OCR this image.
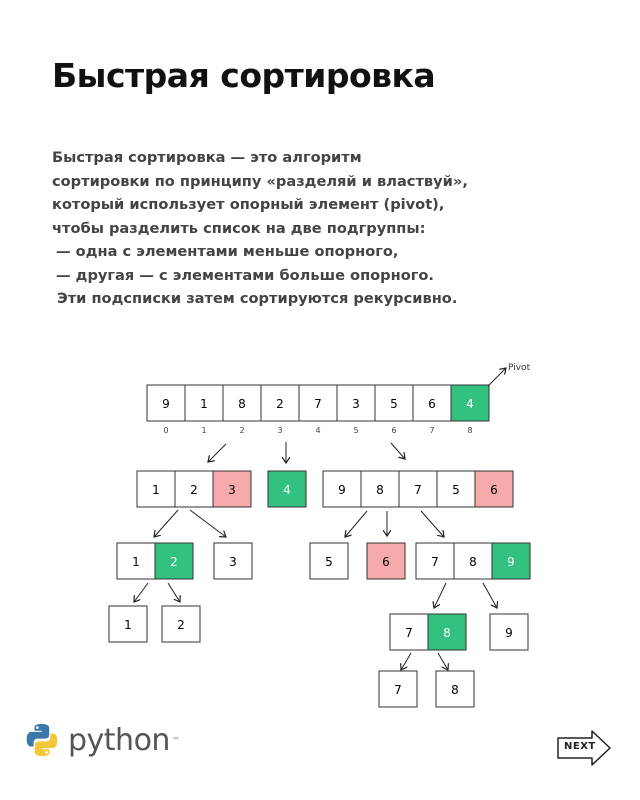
Быстрая сортировка
Быстрая сортировка — это алгоритм
сортировки по принципу «разделяй и властвуй»,
который использует опорный элемент (pivot),
чтобы разделить список на две подгруппы:
— одна с элементами меньше опорного,
— другая — с элементами больше опорного.
Эти подсписки затем сортируются рекурсивно.
9	1	8	2	7	3	5	6	4
0	1	2	3	4	5	6	7	8
Pivot
1	2	3	4	9	8	7	5	6
1	2	3	5	6	7	8	9
1	2
7	8	9
7	8
python ™
NEXT
